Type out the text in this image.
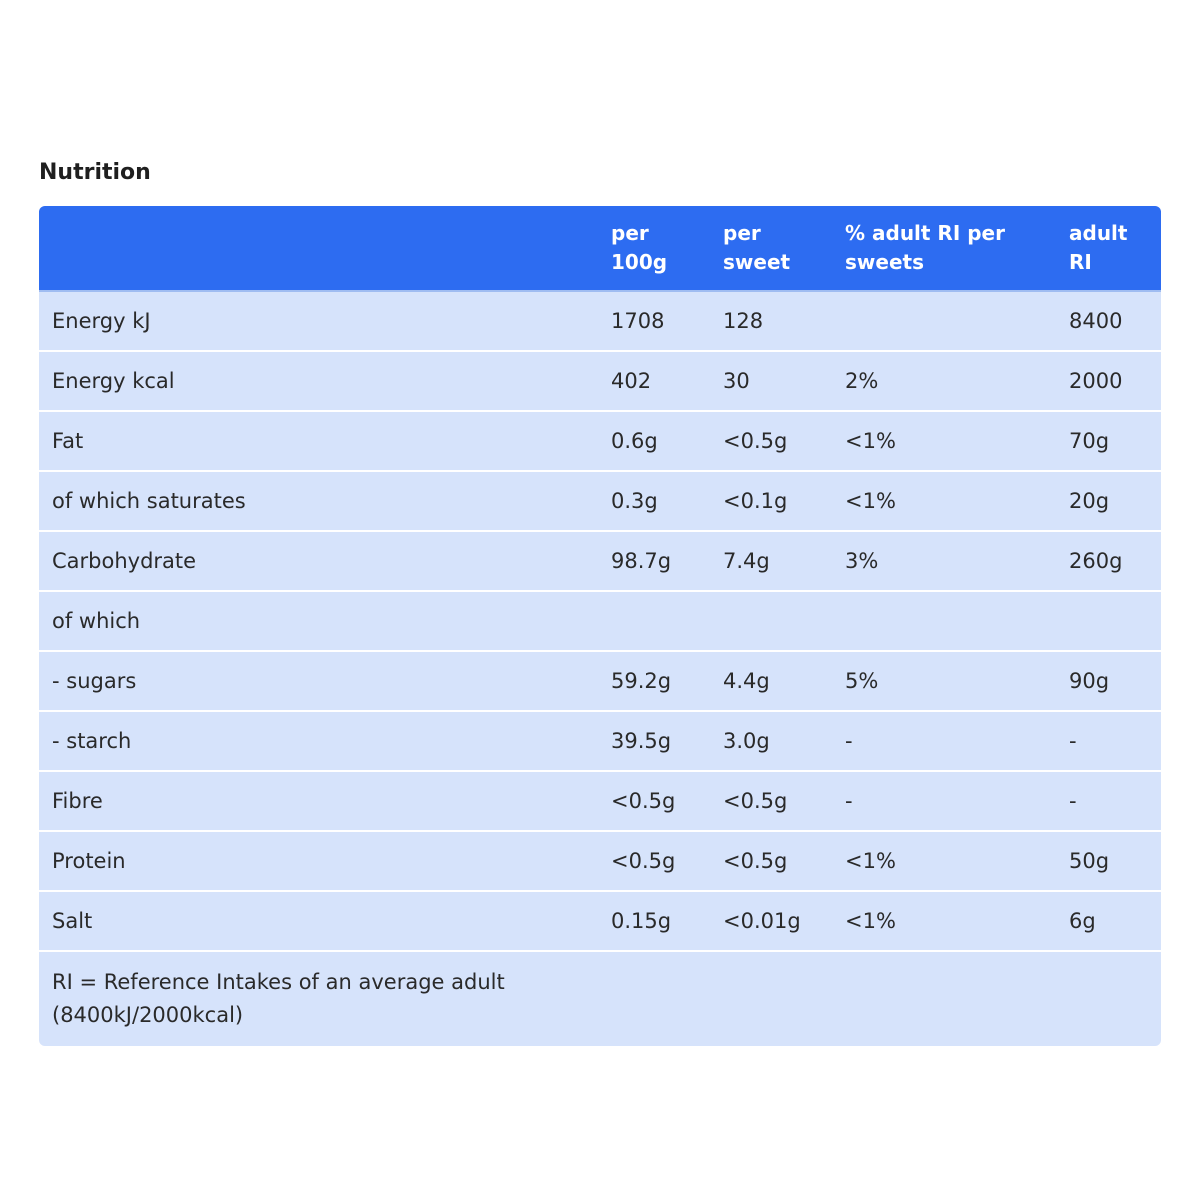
Nutrition
	per 100g	per sweet	% adult RI per sweets	adult RI
Energy kJ	1708	128		8400
Energy kcal	402	30	2%	2000
Fat	0.6g	<0.5g	<1%	70g
of which saturates	0.3g	<0.1g	<1%	20g
Carbohydrate	98.7g	7.4g	3%	260g
of which				
- sugars	59.2g	4.4g	5%	90g
- starch	39.5g	3.0g	-	-
Fibre	<0.5g	<0.5g	-	-
Protein	<0.5g	<0.5g	<1%	50g
Salt	0.15g	<0.01g	<1%	6g

RI = Reference Intakes of an average adult (8400kJ/2000kcal)				
